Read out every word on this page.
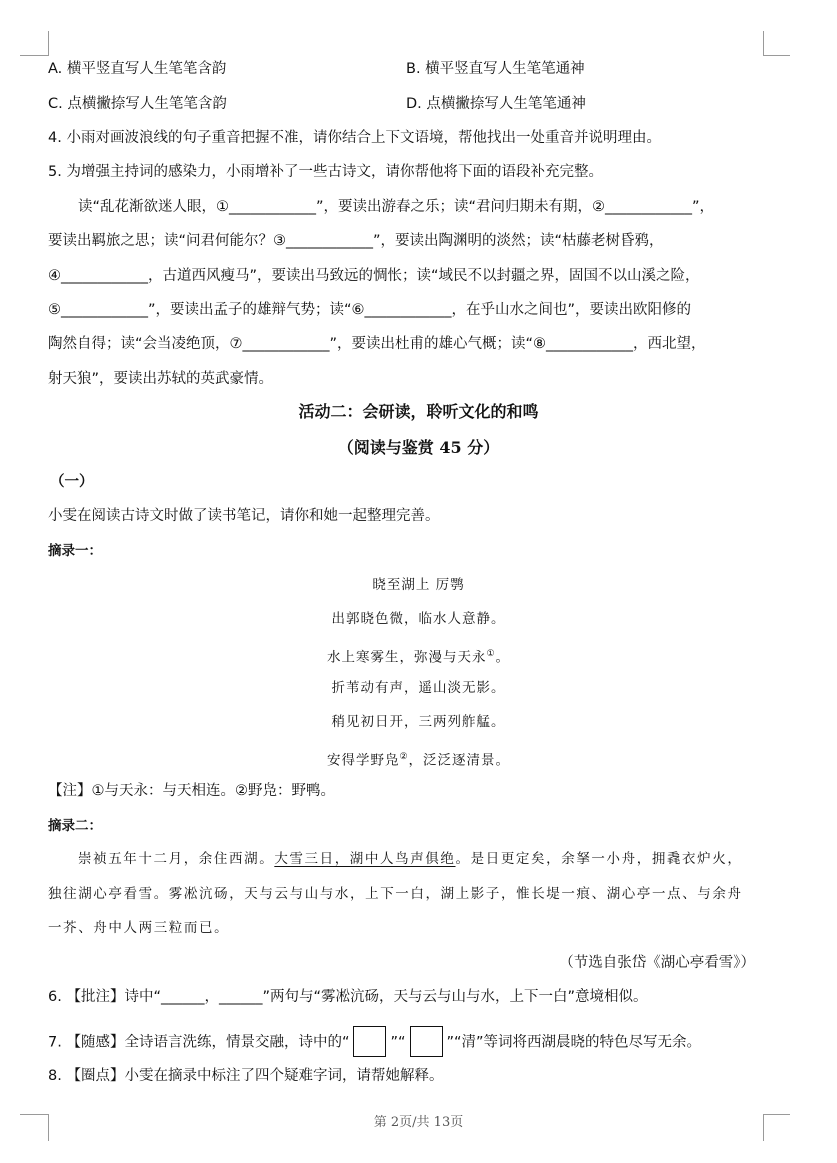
A. 横平竖直写人生笔笔含韵	B. 横平竖直写人生笔笔通神
C. 点横撇捺写人生笔笔含韵	D. 点横撇捺写人生笔笔通神
4. 小雨对画波浪线的句子重音把握不准，请你结合上下文语境，帮他找出一处重音并说明理由。
5. 为增强主持词的感染力，小雨增补了一些古诗文，请你帮他将下面的语段补充完整。
读“乱花渐欲迷人眼，①____________”，要读出游春之乐；读“君问归期未有期，②____________”，
要读出羁旅之思；读“问君何能尔？③____________”，要读出陶渊明的淡然；读“枯藤老树昏鸦，
④____________，古道西风瘦马”，要读出马致远的惆怅；读“域民不以封疆之界，固国不以山溪之险，
⑤____________”，要读出孟子的雄辩气势；读“⑥____________，在乎山水之间也”，要读出欧阳修的
陶然自得；读“会当凌绝顶，⑦____________”，要读出杜甫的雄心气概；读“⑧____________，西北望，
射天狼”，要读出苏轼的英武豪情。
活动二：会研读，聆听文化的和鸣
（阅读与鉴赏 45 分）
（一）
小雯在阅读古诗文时做了读书笔记，请你和她一起整理完善。
摘录一：
晓至湖上 厉鹗
出郭晓色微，临水人意静。
水上寒雾生，弥漫与天永①。
折苇动有声，遥山淡无影。
稍见初日开，三两列舴艋。
安得学野凫②，泛泛逐清景。
【注】①与天永：与天相连。②野凫：野鸭。
摘录二：
崇祯五年十二月，余住西湖。大雪三日，湖中人鸟声俱绝。是日更定矣，余拏一小舟，拥毳衣炉火，
独往湖心亭看雪。雾凇沆砀，天与云与山与水，上下一白，湖上影子，惟长堤一痕、湖心亭一点、与余舟
一芥、舟中人两三粒而已。
（节选自张岱《湖心亭看雪》）
6. 【批注】诗中“______，______”两句与“雾凇沆砀，天与云与山与水，上下一白”意境相似。
7. 【随感】全诗语言洗练，情景交融，诗中的“	”“	”“清”等词将西湖晨晓的特色尽写无余。
8. 【圈点】小雯在摘录中标注了四个疑难字词，请帮她解释。
第 2页/共 13页
